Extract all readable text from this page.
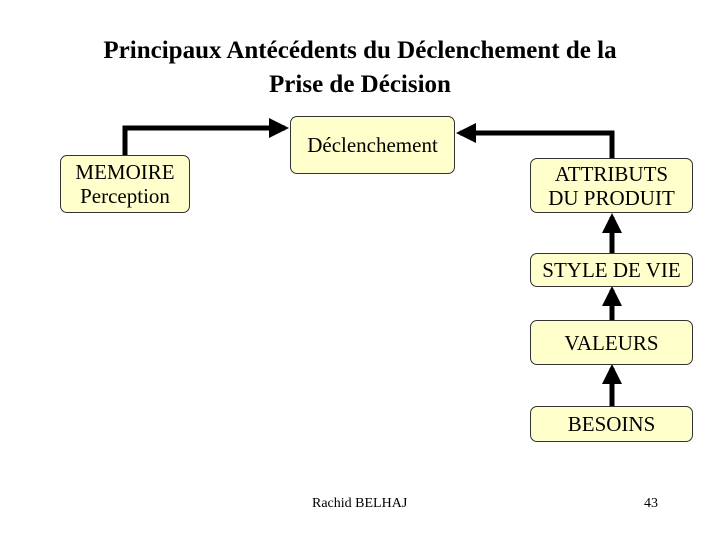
Principaux Antécédents du Déclenchement de la
Prise de Décision
MEMOIRE
Perception
Déclenchement
ATTRIBUTS
DU PRODUIT
STYLE DE VIE
VALEURS
BESOINS
Rachid BELHAJ	43
